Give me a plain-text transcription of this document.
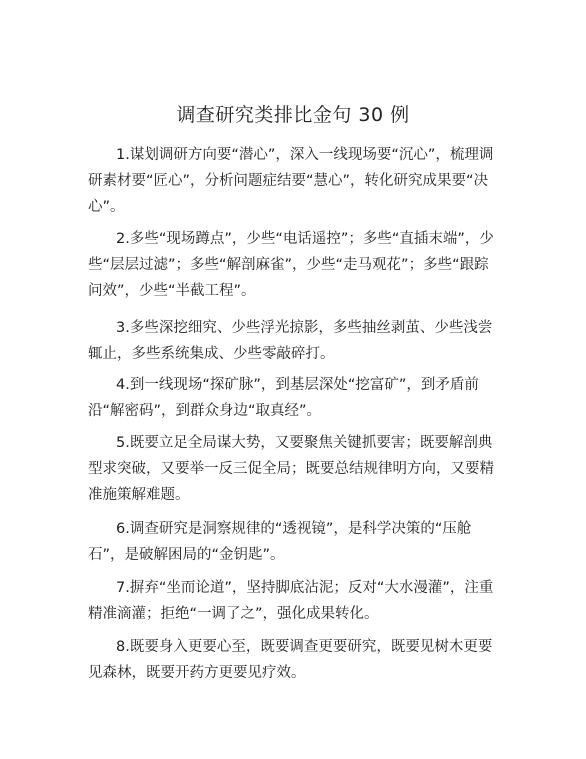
调查研究类排比金句 30 例

1.谋划调研方向要“潜心”，深入一线现场要“沉心”，梳理调研素材要“匠心”，分析问题症结要“慧心”，转化研究成果要“决心”。

2.多些“现场蹲点”，少些“电话遥控”；多些“直插末端”，少些“层层过滤”；多些“解剖麻雀”，少些“走马观花”；多些“跟踪问效”，少些“半截工程”。

3.多些深挖细究、少些浮光掠影，多些抽丝剥茧、少些浅尝辄止，多些系统集成、少些零敲碎打。

4.到一线现场“探矿脉”，到基层深处“挖富矿”，到矛盾前沿“解密码”，到群众身边“取真经”。

5.既要立足全局谋大势，又要聚焦关键抓要害；既要解剖典型求突破，又要举一反三促全局；既要总结规律明方向，又要精准施策解难题。

6.调查研究是洞察规律的“透视镜”，是科学决策的“压舱石”，是破解困局的“金钥匙”。

7.摒弃“坐而论道”，坚持脚底沾泥；反对“大水漫灌”，注重精准滴灌；拒绝“一调了之”，强化成果转化。

8.既要身入更要心至，既要调查更要研究，既要见树木更要见森林，既要开药方更要见疗效。
